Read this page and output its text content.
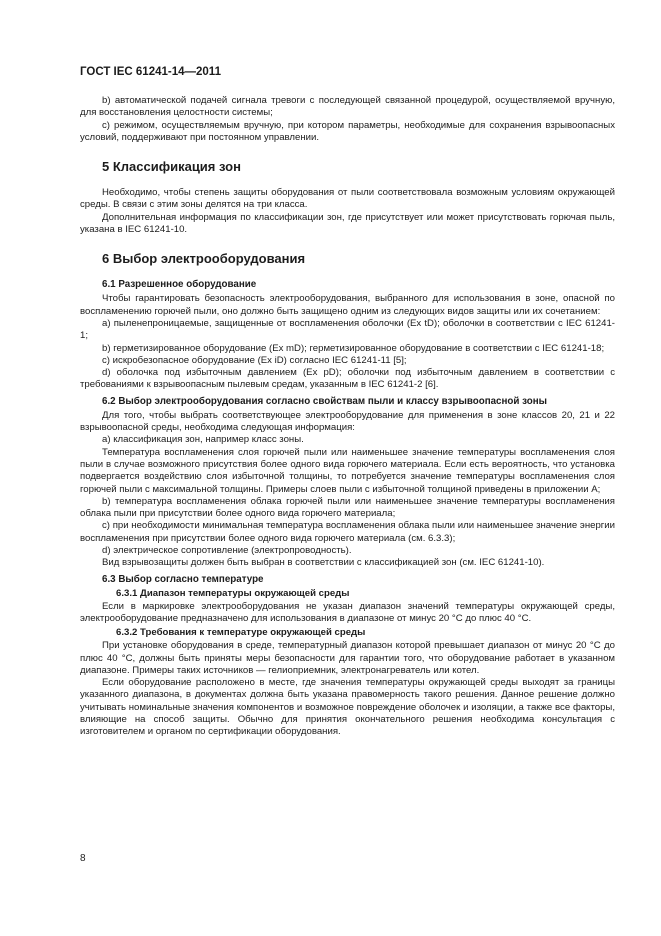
ГОСТ IEC 61241-14—2011

b) автоматической подачей сигнала тревоги с последующей связанной процедурой, осуществляемой вручную, для восстановления целостности системы;

c) режимом, осуществляемым вручную, при котором параметры, необходимые для сохранения взрывоопасных условий, поддерживают при постоянном управлении.

5 Классификация зон

Необходимо, чтобы степень защиты оборудования от пыли соответствовала возможным условиям окружающей среды. В связи с этим зоны делятся на три класса.

Дополнительная информация по классификации зон, где присутствует или может присутствовать горючая пыль, указана в IEC 61241-10.

6 Выбор электрооборудования
6.1 Разрешенное оборудование

Чтобы гарантировать безопасность электрооборудования, выбранного для использования в зоне, опасной по воспламенению горючей пыли, оно должно быть защищено одним из следующих видов защиты или их сочетанием:

a) пыленепроницаемые, защищенные от воспламенения оболочки (Ex tD); оболочки в соответствии с IEC 61241-1;

b) герметизированное оборудование (Ex mD); герметизированное оборудование в соответствии с IEC 61241-18;

c) искробезопасное оборудование (Ex iD) согласно IEC 61241-11 [5];

d) оболочка под избыточным давлением (Ex pD); оболочки под избыточным давлением в соответствии с требованиями к взрывоопасным пылевым средам, указанным в IEC 61241-2 [6].

6.2 Выбор электрооборудования согласно свойствам пыли и классу взрывоопасной зоны

Для того, чтобы выбрать соответствующее электрооборудование для применения в зоне классов 20, 21 и 22 взрывоопасной среды, необходима следующая информация:

a) классификация зон, например класс зоны.

Температура воспламенения слоя горючей пыли или наименьшее значение температуры воспламенения слоя пыли в случае возможного присутствия более одного вида горючего материала. Если есть вероятность, что установка подвергается воздействию слоя избыточной толщины, то потребуется значение температуры воспламенения слоя горючей пыли с максимальной толщины. Примеры слоев пыли с избыточной толщиной приведены в приложении A;

b) температура воспламенения облака горючей пыли или наименьшее значение температуры воспламенения облака пыли при присутствии более одного вида горючего материала;

c) при необходимости минимальная температура воспламенения облака пыли или наименьшее значение энергии воспламенения при присутствии более одного вида горючего материала (см. 6.3.3);

d) электрическое сопротивление (электропроводность).

Вид взрывозащиты должен быть выбран в соответствии с классификацией зон (см. IEC 61241-10).

6.3 Выбор согласно температуре
6.3.1 Диапазон температуры окружающей среды

Если в маркировке электрооборудования не указан диапазон значений температуры окружающей среды, электрооборудование предназначено для использования в диапазоне от минус 20 °C до плюс 40 °C.

6.3.2 Требования к температуре окружающей среды

При установке оборудования в среде, температурный диапазон которой превышает диапазон от минус 20 °C до плюс 40 °C, должны быть приняты меры безопасности для гарантии того, что оборудование работает в указанном диапазоне. Примеры таких источников — гелиоприемник, электронагреватель или котел.

Если оборудование расположено в месте, где значения температуры окружающей среды выходят за границы указанного диапазона, в документах должна быть указана правомерность такого решения. Данное решение должно учитывать номинальные значения компонентов и возможное повреждение оболочек и изоляции, а также все факторы, влияющие на способ защиты. Обычно для принятия окончательного решения необходима консультация с изготовителем и органом по сертификации оборудования.

8
